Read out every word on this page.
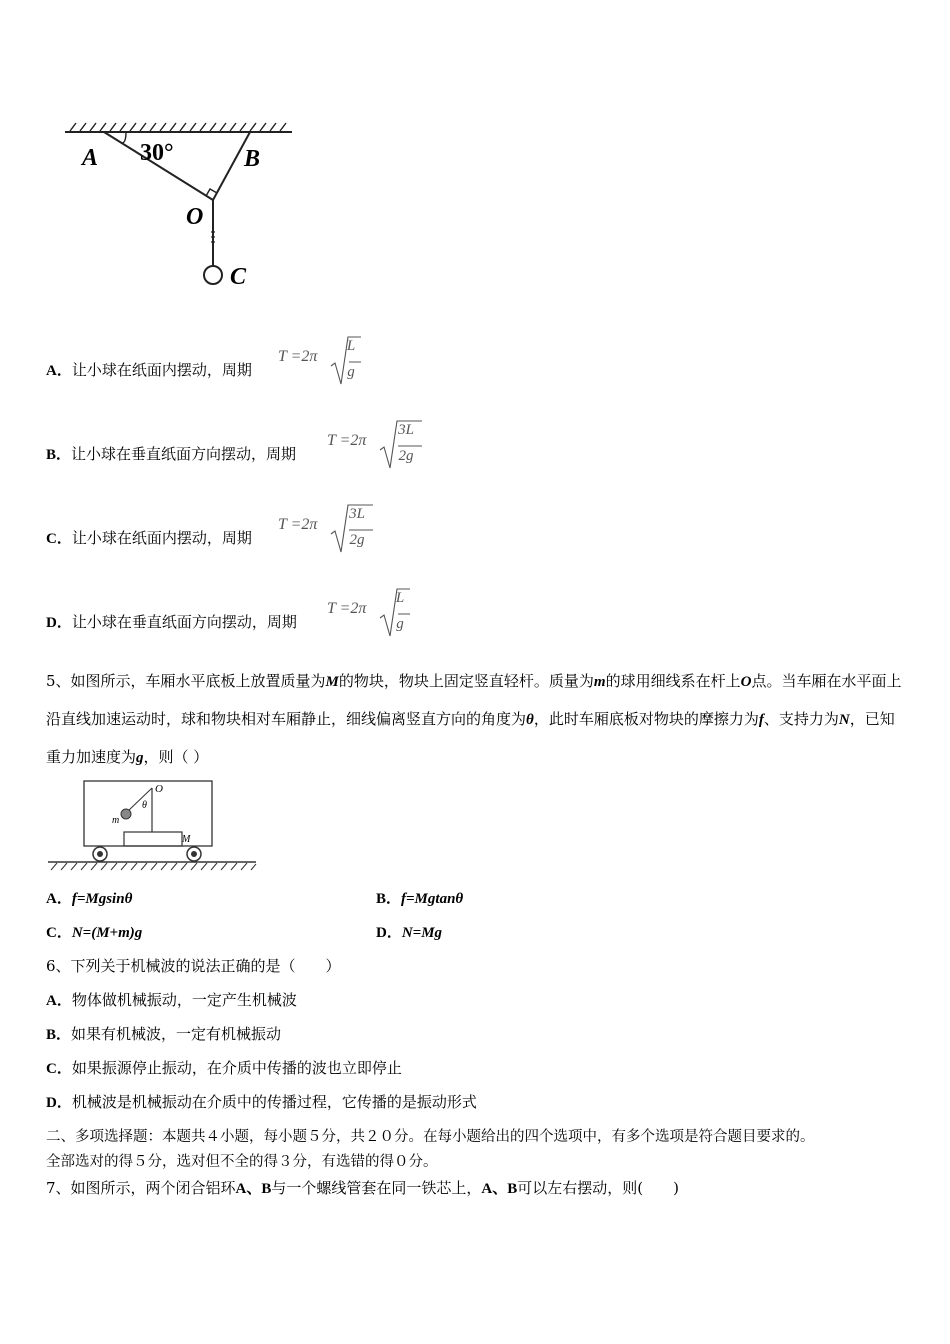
A 30°	B
O
C
A．让小球在纸面内摆动，周期
T =2π
L
g
B．让小球在垂直纸面方向摆动，周期
T =2π
3L
2g
C．让小球在纸面内摆动，周期
T =2π
3L
2g
D．让小球在垂直纸面方向摆动，周期
T =2π
L
g
5、如图所示，车厢水平底板上放置质量为M的物块，物块上固定竖直轻杆。质量为m的球用细线系在杆上O点。当车厢在水平面上沿直线加速运动时，球和物块相对车厢静止，细线偏离竖直方向的角度为θ，此时车厢底板对物块的摩擦力为f、支持力为N，已知重力加速度为g，则（ ）
O
θ
m
M
A．f=Mgsinθ	B．f=Mgtanθ
C．N=(M+m)g	D．N=Mg
6、下列关于机械波的说法正确的是（　　）
A．物体做机械振动，一定产生机械波
B．如果有机械波，一定有机械振动
C．如果振源停止振动，在介质中传播的波也立即停止
D．机械波是机械振动在介质中的传播过程，它传播的是振动形式
二、多项选择题：本题共４小题，每小题５分，共２０分。在每小题给出的四个选项中，有多个选项是符合题目要求的。
全部选对的得５分，选对但不全的得３分，有选错的得０分。
7、如图所示，两个闭合铝环A、B与一个螺线管套在同一铁芯上，A、B可以左右摆动，则(　　)
